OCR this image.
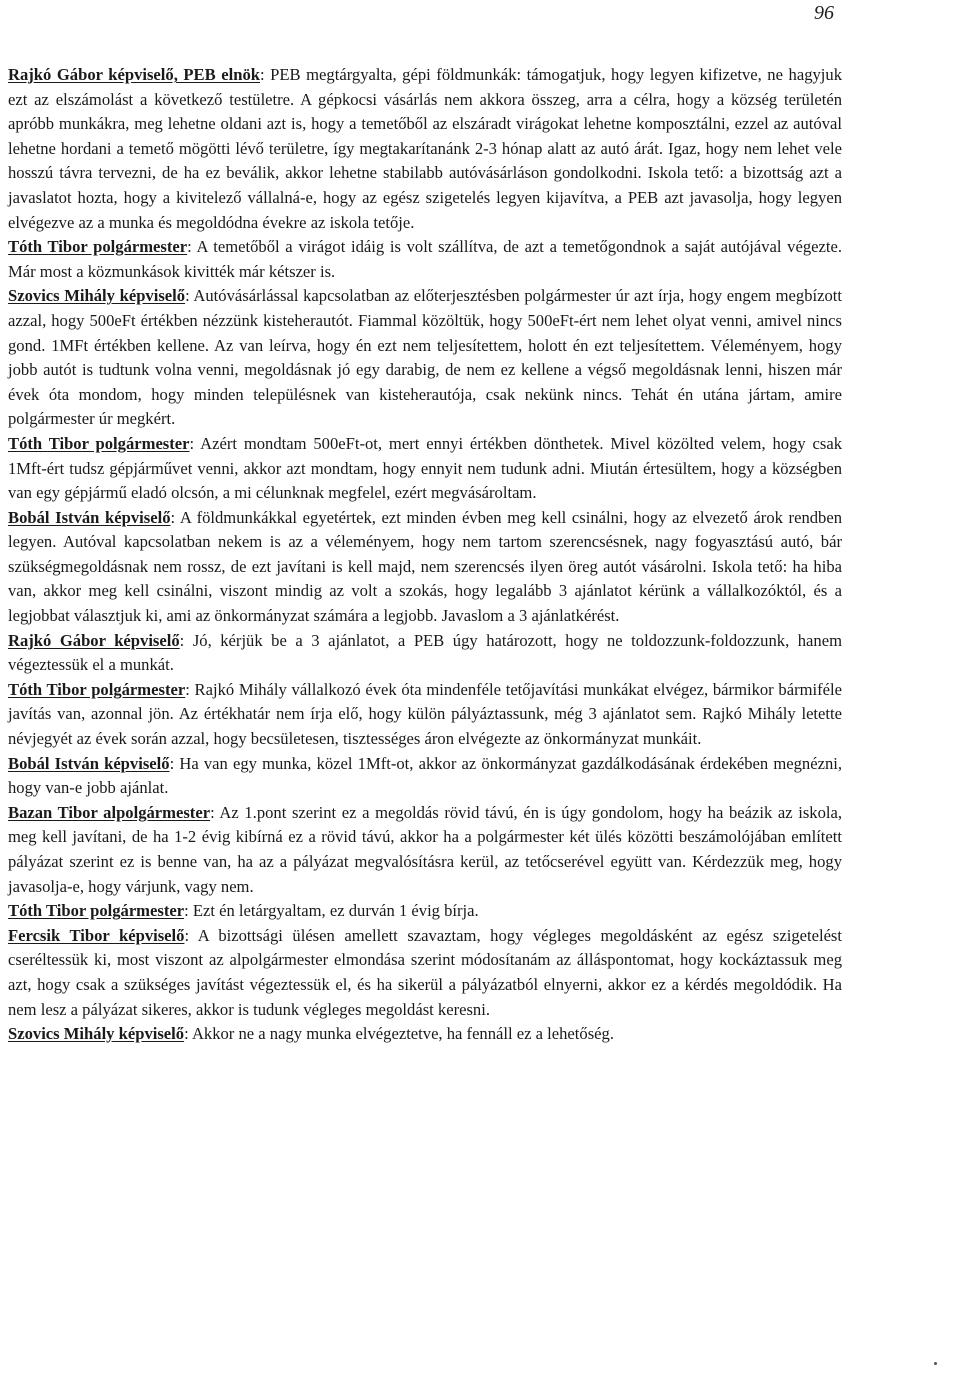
96

Rajkó Gábor képviselő, PEB elnök: PEB megtárgyalta, gépi földmunkák: támogatjuk, hogy legyen kifizetve, ne hagyjuk ezt az elszámolást a következő testületre. A gépkocsi vásárlás nem akkora összeg, arra a célra, hogy a község területén apróbb munkákra, meg lehetne oldani azt is, hogy a temetőből az elszáradt virágokat lehetne komposztálni, ezzel az autóval lehetne hordani a temető mögötti lévő területre, így megtakarítanánk 2-3 hónap alatt az autó árát. Igaz, hogy nem lehet vele hosszú távra tervezni, de ha ez beválik, akkor lehetne stabilabb autóvásárláson gondolkodni. Iskola tető: a bizottság azt a javaslatot hozta, hogy a kivitelező vállalná-e, hogy az egész szigetelés legyen kijavítva, a PEB azt javasolja, hogy legyen elvégezve az a munka és megoldódna évekre az iskola tetője.

Tóth Tibor polgármester: A temetőből a virágot idáig is volt szállítva, de azt a temetőgondnok a saját autójával végezte. Már most a közmunkások kivitték már kétszer is.

Szovics Mihály képviselő: Autóvásárlással kapcsolatban az előterjesztésben polgármester úr azt írja, hogy engem megbízott azzal, hogy 500eFt értékben nézzünk kisteherautót. Fiammal közöltük, hogy 500eFt-ért nem lehet olyat venni, amivel nincs gond. 1MFt értékben kellene. Az van leírva, hogy én ezt nem teljesítettem, holott én ezt teljesítettem. Véleményem, hogy jobb autót is tudtunk volna venni, megoldásnak jó egy darabig, de nem ez kellene a végső megoldásnak lenni, hiszen már évek óta mondom, hogy minden településnek van kisteherautója, csak nekünk nincs. Tehát én utána jártam, amire polgármester úr megkért.

Tóth Tibor polgármester: Azért mondtam 500eFt-ot, mert ennyi értékben dönthetek. Mivel közölted velem, hogy csak 1Mft-ért tudsz gépjárművet venni, akkor azt mondtam, hogy ennyit nem tudunk adni. Miután értesültem, hogy a községben van egy gépjármű eladó olcsón, a mi célunknak megfelel, ezért megvásároltam.

Bobál István képviselő: A földmunkákkal egyetértek, ezt minden évben meg kell csinálni, hogy az elvezető árok rendben legyen. Autóval kapcsolatban nekem is az a véleményem, hogy nem tartom szerencsésnek, nagy fogyasztású autó, bár szükségmegoldásnak nem rossz, de ezt javítani is kell majd, nem szerencsés ilyen öreg autót vásárolni. Iskola tető: ha hiba van, akkor meg kell csinálni, viszont mindig az volt a szokás, hogy legalább 3 ajánlatot kérünk a vállalkozóktól, és a legjobbat választjuk ki, ami az önkormányzat számára a legjobb. Javaslom a 3 ajánlatkérést.

Rajkó Gábor képviselő: Jó, kérjük be a 3 ajánlatot, a PEB úgy határozott, hogy ne toldozzunk-foldozzunk, hanem végeztessük el a munkát.

Tóth Tibor polgármester: Rajkó Mihály vállalkozó évek óta mindenféle tetőjavítási munkákat elvégez, bármikor bármiféle javítás van, azonnal jön. Az értékhatár nem írja elő, hogy külön pályáztassunk, még 3 ajánlatot sem. Rajkó Mihály letette névjegyét az évek során azzal, hogy becsületesen, tisztességes áron elvégezte az önkormányzat munkáit.

Bobál István képviselő: Ha van egy munka, közel 1Mft-ot, akkor az önkormányzat gazdálkodásának érdekében megnézni, hogy van-e jobb ajánlat.

Bazan Tibor alpolgármester: Az 1.pont szerint ez a megoldás rövid távú, én is úgy gondolom, hogy ha beázik az iskola, meg kell javítani, de ha 1-2 évig kibírná ez a rövid távú, akkor ha a polgármester két ülés közötti beszámolójában említett pályázat szerint ez is benne van, ha az a pályázat megvalósításra kerül, az tetőcserével együtt van. Kérdezzük meg, hogy javasolja-e, hogy várjunk, vagy nem.

Tóth Tibor polgármester: Ezt én letárgyaltam, ez durván 1 évig bírja.

Fercsik Tibor képviselő: A bizottsági ülésen amellett szavaztam, hogy végleges megoldásként az egész szigetelést cseréltessük ki, most viszont az alpolgármester elmondása szerint módosítanám az álláspontomat, hogy kockáztassuk meg azt, hogy csak a szükséges javítást végeztessük el, és ha sikerül a pályázatból elnyerni, akkor ez a kérdés megoldódik. Ha nem lesz a pályázat sikeres, akkor is tudunk végleges megoldást keresni.

Szovics Mihály képviselő: Akkor ne a nagy munka elvégeztetve, ha fennáll ez a lehetőség.
